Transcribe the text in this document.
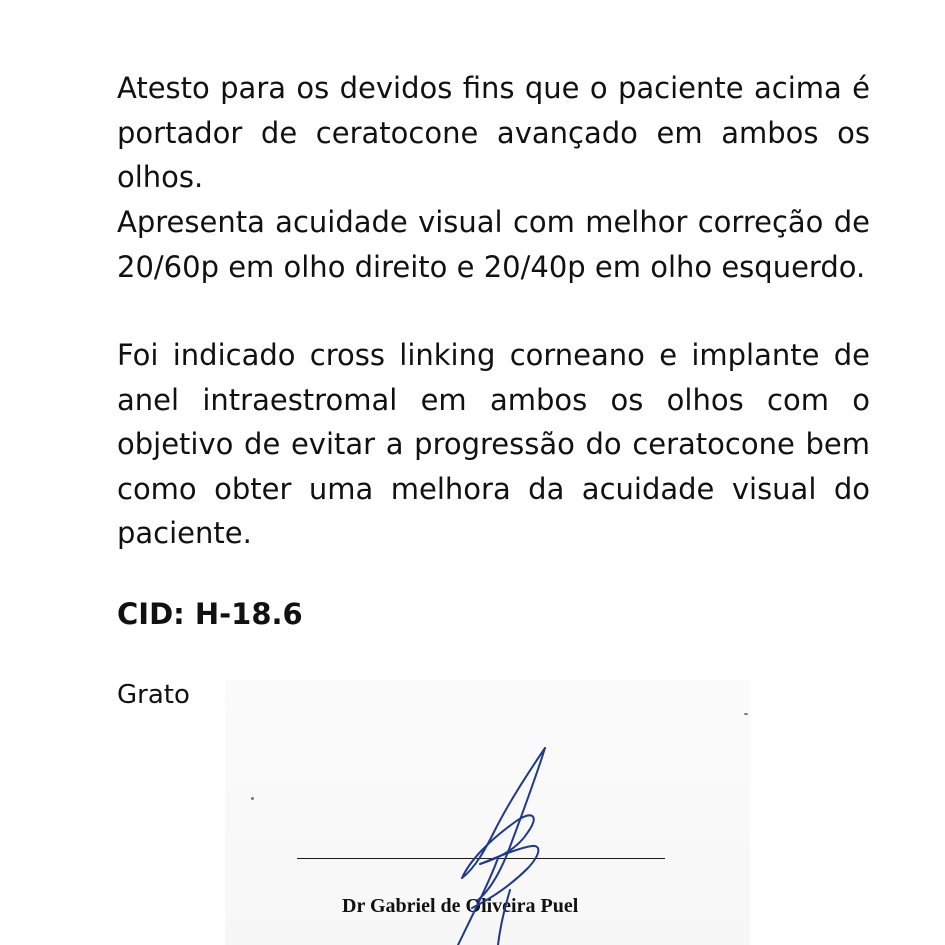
Atesto para os devidos fins que o paciente acima é portador de ceratocone avançado em ambos os olhos.
Apresenta acuidade visual com melhor correção de 20/60p em olho direito e 20/40p em olho esquerdo.
Foi indicado cross linking corneano e implante de anel intraestromal em ambos os olhos com o objetivo de evitar a progressão do ceratocone bem como obter uma melhora da acuidade visual do paciente.
CID: H-18.6
Grato
Dr Gabriel de Oliveira Puel
